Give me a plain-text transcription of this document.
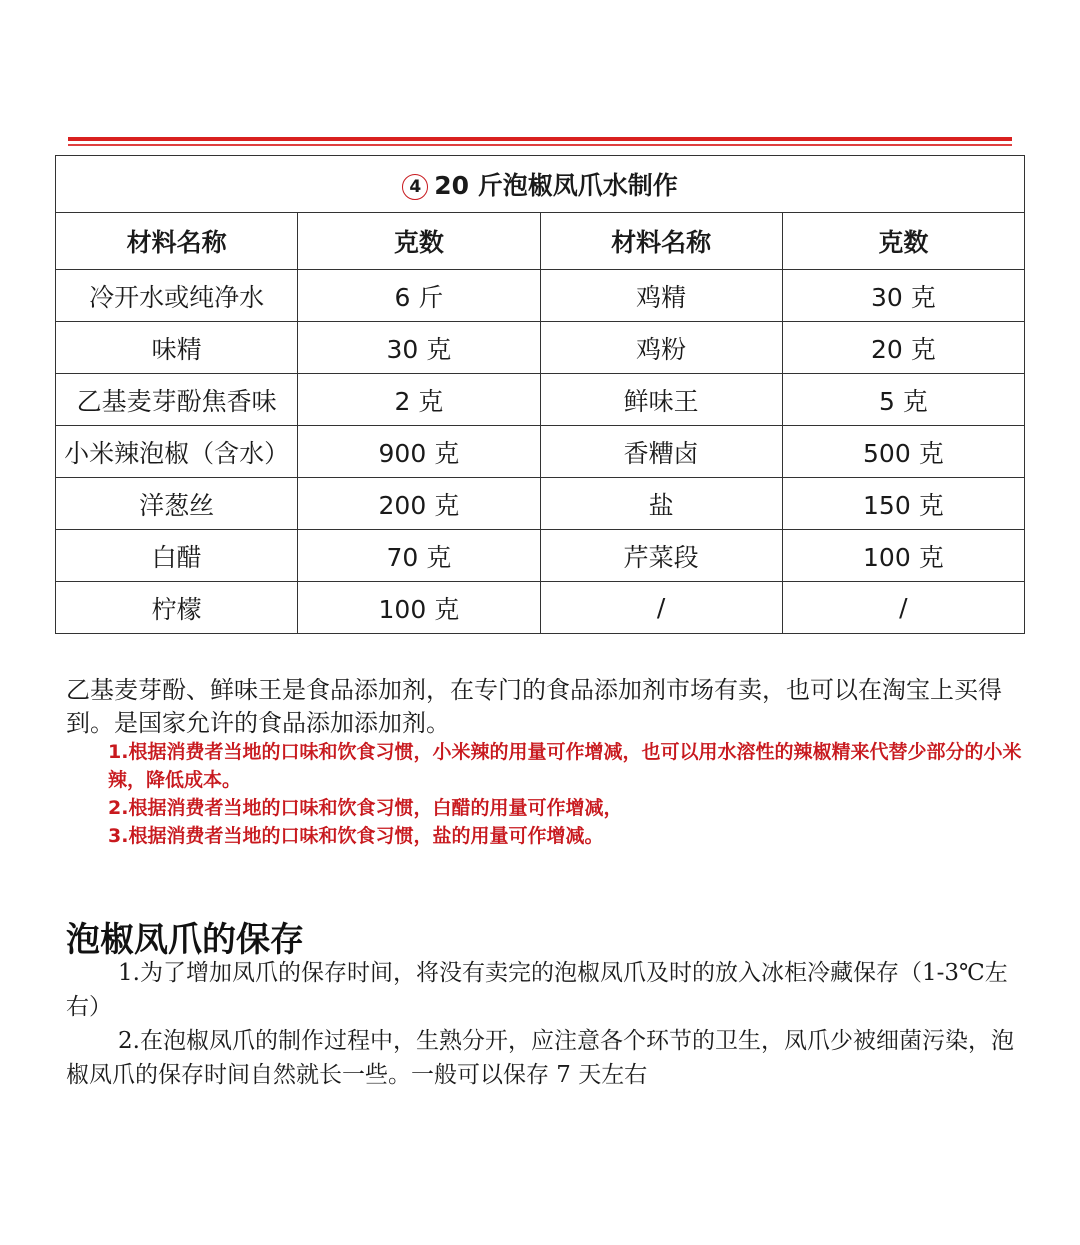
4 20 斤泡椒凤爪水制作			
材料名称	克数	材料名称	克数
冷开水或纯净水	6 斤	鸡精	30 克
味精	30 克	鸡粉	20 克
乙基麦芽酚焦香味	2 克	鲜味王	5 克
小米辣泡椒（含水）	900 克	香糟卤	500 克
洋葱丝	200 克	盐	150 克
白醋	70 克	芹菜段	100 克
柠檬	100 克	/	/
乙基麦芽酚、鲜味王是食品添加剂，在专门的食品添加剂市场有卖，也可以在淘宝上买得到。是国家允许的食品添加添加剂。

1.根据消费者当地的口味和饮食习惯，小米辣的用量可作增减，也可以用水溶性的辣椒精来代替少部分的小米辣，降低成本。

2.根据消费者当地的口味和饮食习惯，白醋的用量可作增减，

3.根据消费者当地的口味和饮食习惯，盐的用量可作增减。

泡椒凤爪的保存

1.为了增加凤爪的保存时间，将没有卖完的泡椒凤爪及时的放入冰柜冷藏保存（1-3℃左右）

2.在泡椒凤爪的制作过程中，生熟分开，应注意各个环节的卫生，凤爪少被细菌污染，泡椒凤爪的保存时间自然就长一些。一般可以保存 7 天左右
